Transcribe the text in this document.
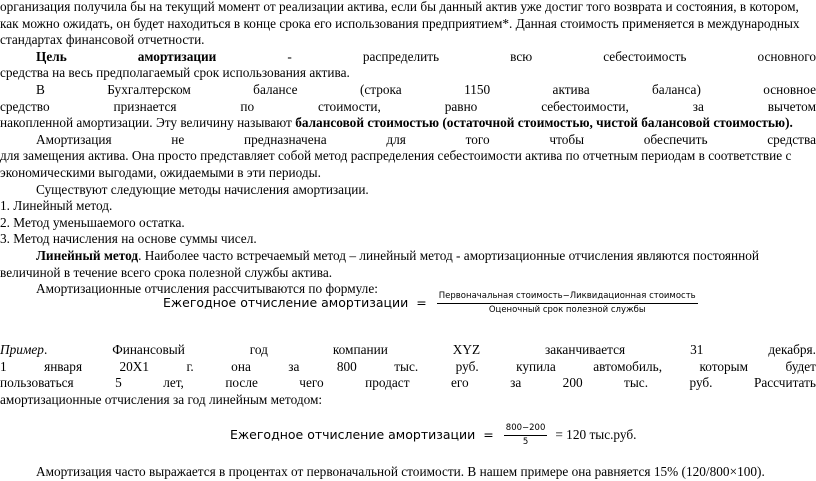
организация получила бы на текущий момент от реализации актива, если бы данный актив уже достиг того возврата и состояния, в котором,

как можно ожидать, он будет находиться в конце срока его использования предприятием*. Данная стоимость применяется в международных

стандартах финансовой отчетности.

Цель амортизации - распределить всю себестоимость основного

средства на весь предполагаемый срок использования актива.

В Бухгалтерском балансе (строка 1150 актива баланса) основное

средство признается по стоимости, равно себестоимости, за вычетом

накопленной амортизации. Эту величину называют балансовой стоимостью (остаточной стоимостью, чистой балансовой стоимостью).

Амортизация не предназначена для того чтобы обеспечить средства

для замещения актива. Она просто представляет собой метод распределения себестоимости актива по отчетным периодам в соответствие с

экономическими выгодами, ожидаемыми в эти периоды.

Существуют следующие методы начисления амортизации.

1. Линейный метод.

2. Метод уменьшаемого остатка.

3. Метод начисления на основе суммы чисел.

Линейный метод. Наиболее часто встречаемый метод – линейный метод - амортизационные отчисления являются постоянной

величиной в течение всего срока полезной службы актива.

Амортизационные отчисления рассчитываются по формуле:

Ежегодное отчисление амортизации = $\frac{\text{Первоначальная стоимость−Ликвидационная стоимость}}{\text{Оценочный срок полезной службы}}$

Пример. Финансовый год компании XYZ заканчивается 31 декабря.

1 января 20X1 г. она за 800 тыс. руб. купила автомобиль, которым будет

пользоваться 5 лет, после чего продаст его за 200 тыс. руб. Рассчитать

амортизационные отчисления за год линейным методом:

Ежегодное отчисление амортизации = $\frac{800-200}{5} = 120$ тыс.руб.

Амортизация часто выражается в процентах от первоначальной стоимости. В нашем примере она равняется 15% (120/800×100).
